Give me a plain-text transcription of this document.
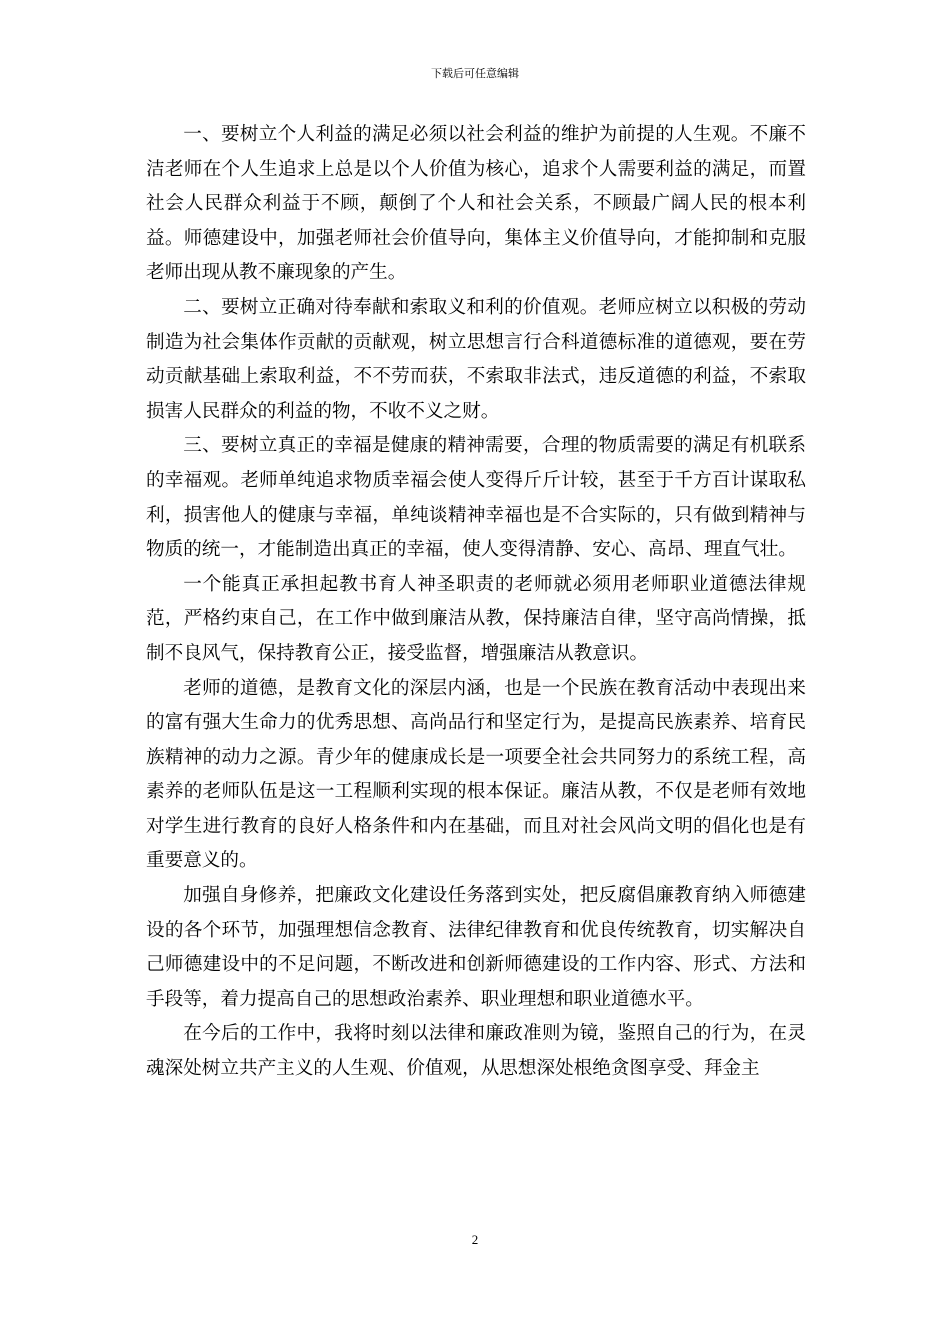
下载后可任意编辑

一、要树立个人利益的满足必须以社会利益的维护为前提的人生观。不廉不洁老师在个人生追求上总是以个人价值为核心，追求个人需要利益的满足，而置社会人民群众利益于不顾，颠倒了个人和社会关系，不顾最广阔人民的根本利益。师德建设中，加强老师社会价值导向，集体主义价值导向，才能抑制和克服老师出现从教不廉现象的产生。

二、要树立正确对待奉献和索取义和利的价值观。老师应树立以积极的劳动制造为社会集体作贡献的贡献观，树立思想言行合科道德标准的道德观，要在劳动贡献基础上索取利益，不不劳而获，不索取非法式，违反道德的利益，不索取损害人民群众的利益的物，不收不义之财。

三、要树立真正的幸福是健康的精神需要，合理的物质需要的满足有机联系的幸福观。老师单纯追求物质幸福会使人变得斤斤计较，甚至于千方百计谋取私利，损害他人的健康与幸福，单纯谈精神幸福也是不合实际的，只有做到精神与物质的统一，才能制造出真正的幸福，使人变得清静、安心、高昂、理直气壮。

一个能真正承担起教书育人神圣职责的老师就必须用老师职业道德法律规范，严格约束自己，在工作中做到廉洁从教，保持廉洁自律，坚守高尚情操，抵制不良风气，保持教育公正，接受监督，增强廉洁从教意识。

老师的道德，是教育文化的深层内涵，也是一个民族在教育活动中表现出来的富有强大生命力的优秀思想、高尚品行和坚定行为，是提高民族素养、培育民族精神的动力之源。青少年的健康成长是一项要全社会共同努力的系统工程，高素养的老师队伍是这一工程顺利实现的根本保证。廉洁从教，不仅是老师有效地对学生进行教育的良好人格条件和内在基础，而且对社会风尚文明的倡化也是有重要意义的。

加强自身修养，把廉政文化建设任务落到实处，把反腐倡廉教育纳入师德建设的各个环节，加强理想信念教育、法律纪律教育和优良传统教育，切实解决自己师德建设中的不足问题，不断改进和创新师德建设的工作内容、形式、方法和手段等，着力提高自己的思想政治素养、职业理想和职业道德水平。

在今后的工作中，我将时刻以法律和廉政准则为镜，鉴照自己的行为，在灵魂深处树立共产主义的人生观、价值观，从思想深处根绝贪图享受、拜金主

2
